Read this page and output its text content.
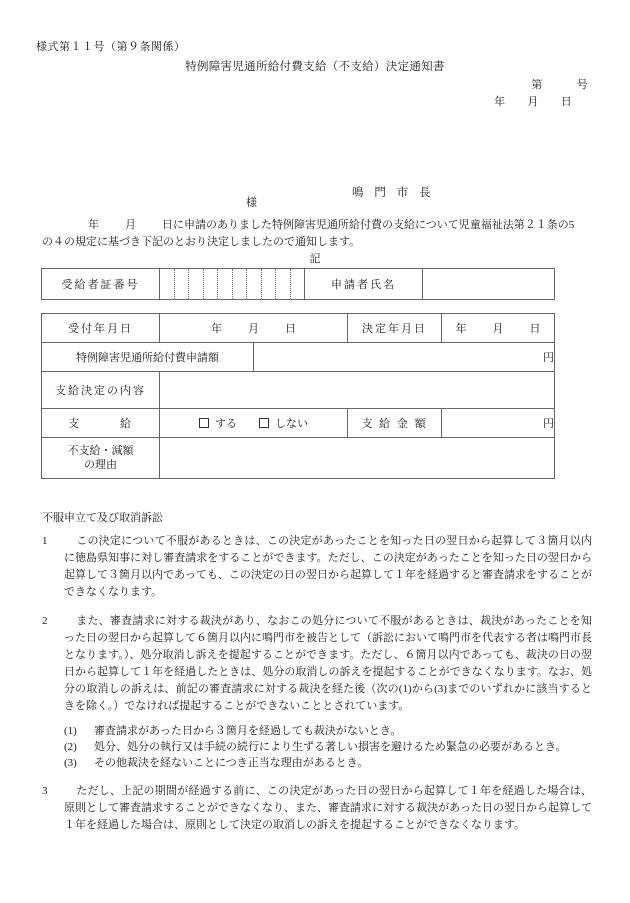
様式第１１号（第９条関係）
特例障害児通所給付費支給（不支給）決定通知書
第	号
年 月 日
鳴 門 市 長
様
年 月 日に申請のありました特例障害児通所給付費の支給について児童福祉法第２１条の5
の４の規定に基づき下記のとおり決定しましたので通知します。
記
受給者証番号		申請者氏名	
受付年月日	年 月 日		決定年月日	年 月 日
特例障害児通所給付費申請額		円		
支給決定の内容				
支　　　給	する しない		支 給 金 額	円
不支給・減額
の理由				
不服申立て及び取消訴訟
1	この決定について不服があるときは、この決定があったことを知った日の翌日から起算して３箇月以内に徳島県知事に対し審査請求をすることができます。ただし、この決定があったことを知った日の翌日から起算して３箇月以内であっても、この決定の日の翌日から起算して１年を経過すると審査請求をすることができなくなります。
2	また、審査請求に対する裁決があり、なおこの処分について不服があるときは、裁決があったことを知った日の翌日から起算して６箇月以内に鳴門市を被告として（訴訟において鳴門市を代表する者は鳴門市長となります。）、処分取消し訴えを提起することができます。ただし、６箇月以内であっても、裁決の日の翌日から起算して１年を経過したときは、処分の取消しの訴えを提起することができなくなります。なお、処分の取消しの訴えは、前記の審査請求に対する裁決を経た後（次の(1)から(3)までのいずれかに該当するときを除く。）でなければ提起することができないこととされています。
(1)	審査請求があった日から３箇月を経過しても裁決がないとき。
(2)	処分、処分の執行又は手続の続行により生ずる著しい損害を避けるため緊急の必要があるとき。
(3)	その他裁決を経ないことにつき正当な理由があるとき。
3	ただし、上記の期間が経過する前に、この決定があった日の翌日から起算して１年を経過した場合は、原則として審査請求することができなくなり、また、審査請求に対する裁決があった日の翌日から起算して１年を経過した場合は、原則として決定の取消しの訴えを提起することができなくなります。
